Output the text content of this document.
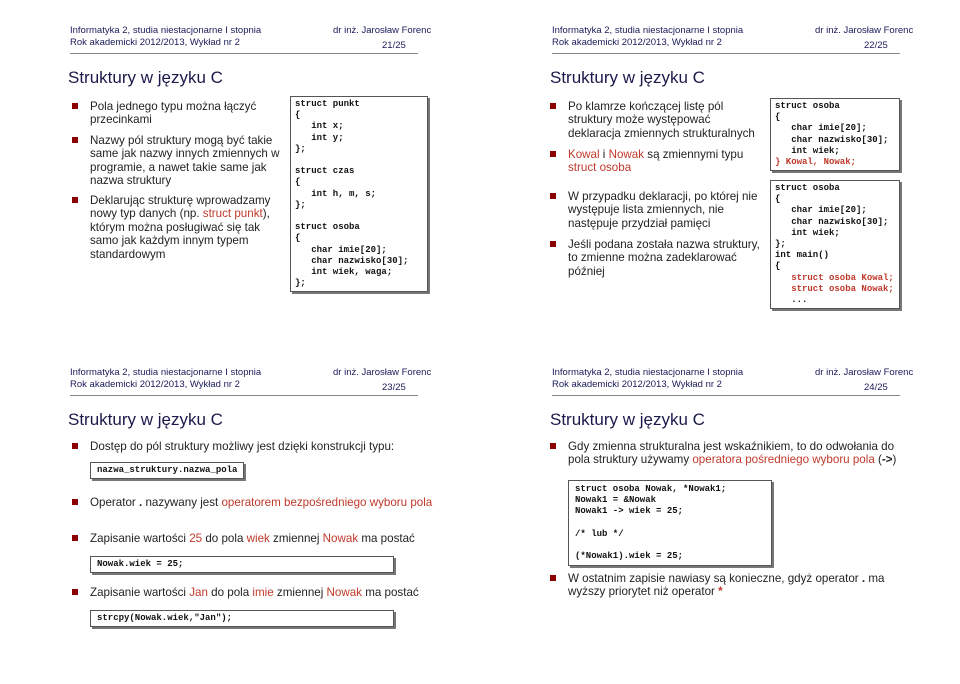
Informatyka 2, studia niestacjonarne I stopnia
Rok akademicki 2012/2013, Wykład nr 2
dr inż. Jarosław Forenc
21/25
Struktury w języku C
Pola jednego typu można łączyć przecinkami
Nazwy pól struktury mogą być takie same jak nazwy innych zmiennych w programie, a nawet takie same jak nazwa struktury
Deklarując strukturę wprowadzamy nowy typ danych (np. struct punkt), którym można posługiwać się tak samo jak każdym innym typem standardowym
struct punkt
{
int x;
int y;
};

struct czas
{
int h, m, s;
};

struct osoba
{
char imie[20];
char nazwisko[30];
int wiek, waga;
};
Informatyka 2, studia niestacjonarne I stopnia
Rok akademicki 2012/2013, Wykład nr 2
dr inż. Jarosław Forenc
22/25
Struktury w języku C
Po klamrze kończącej listę pól struktury może występować deklaracja zmiennych strukturalnych
Kowal i Nowak są zmiennymi typu struct osoba
W przypadku deklaracji, po której nie występuje lista zmiennych, nie następuje przydział pamięci
Jeśli podana została nazwa struktury, to zmienne można zadeklarować później
struct osoba
{
char imie[20];
char nazwisko[30];
int wiek;
} Kowal, Nowak;
struct osoba
{
char imie[20];
char nazwisko[30];
int wiek;
};
int main()
{
struct osoba Kowal;
struct osoba Nowak;
...
Informatyka 2, studia niestacjonarne I stopnia
Rok akademicki 2012/2013, Wykład nr 2
dr inż. Jarosław Forenc
23/25
Struktury w języku C
Dostęp do pól struktury możliwy jest dzięki konstrukcji typu:
nazwa_struktury.nazwa_pola
Operator . nazywany jest operatorem bezpośredniego wyboru pola
Zapisanie wartości 25 do pola wiek zmiennej Nowak ma postać
Nowak.wiek = 25;
Zapisanie wartości Jan do pola imie zmiennej Nowak ma postać
strcpy(Nowak.wiek,"Jan");
Informatyka 2, studia niestacjonarne I stopnia
Rok akademicki 2012/2013, Wykład nr 2
dr inż. Jarosław Forenc
24/25
Struktury w języku C
Gdy zmienna strukturalna jest wskaźnikiem, to do odwołania do pola struktury używamy operatora pośredniego wyboru pola (->)
struct osoba Nowak, *Nowak1;
Nowak1 = &Nowak
Nowak1 -> wiek = 25;

/* lub */

(*Nowak1).wiek = 25;
W ostatnim zapisie nawiasy są konieczne, gdyż operator . ma wyższy priorytet niż operator *
